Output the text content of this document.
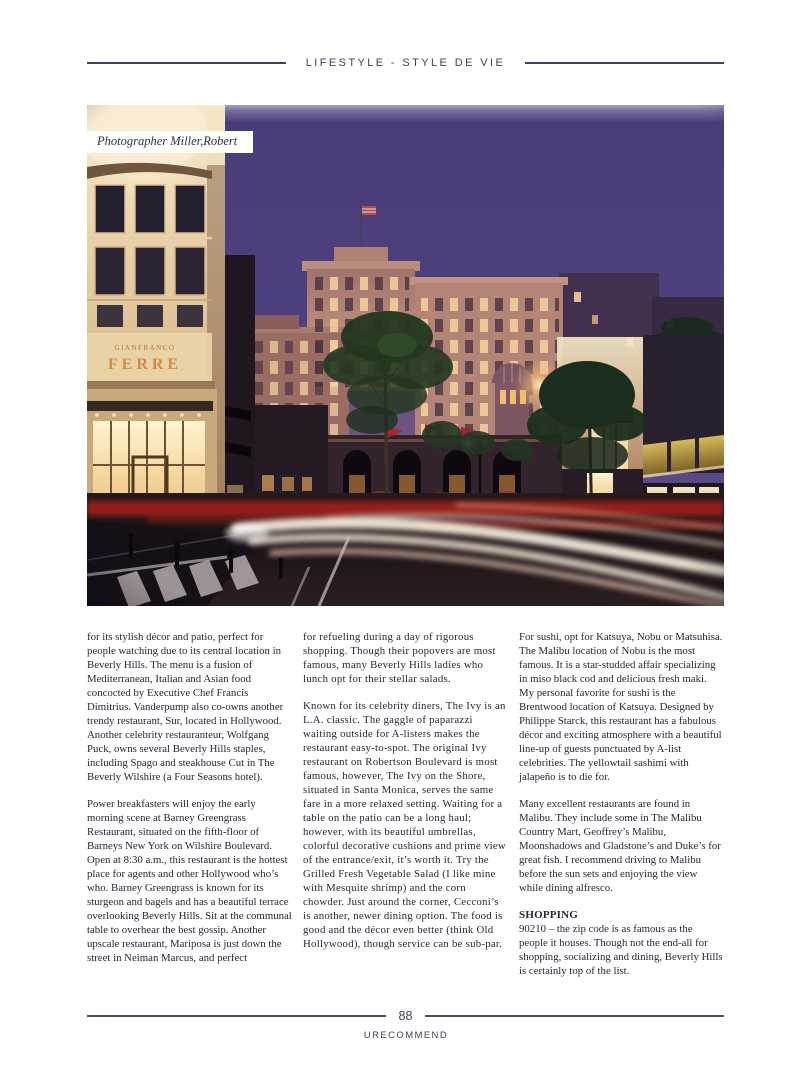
LIFESTYLE - STYLE DE VIE
Photographer Miller,Robert

for its stylish décor and patio, perfect for people watching due to its central location in Beverly Hills. The menu is a fusion of Mediterranean, Italian and Asian food concocted by Executive Chef Francis Dimitrius. Vanderpump also co-owns another trendy restaurant, Sur, located in Hollywood. Another celebrity restauranteur, Wolfgang Puck, owns several Beverly Hills staples, including Spago and steakhouse Cut in The Beverly Wilshire (a Four Seasons hotel).

Power breakfasters will enjoy the early morning scene at Barney Greengrass Restaurant, situated on the fifth-floor of Barneys New York on Wilshire Boulevard. Open at 8:30 a.m., this restaurant is the hottest place for agents and other Hollywood who’s who. Barney Greengrass is known for its sturgeon and bagels and has a beautiful terrace overlooking Beverly Hills. Sit at the communal table to overhear the best gossip. Another upscale restaurant, Mariposa is just down the street in Neiman Marcus, and perfect

for refueling during a day of rigorous shopping. Though their popovers are most famous, many Beverly Hills ladies who lunch opt for their stellar salads.

Known for its celebrity diners, The Ivy is an L.A. classic. The gaggle of paparazzi waiting outside for A-listers makes the restaurant easy-to-spot. The original Ivy restaurant on Robertson Boulevard is most famous, however, The Ivy on the Shore, situated in Santa Monica, serves the same fare in a more relaxed setting. Waiting for a table on the patio can be a long haul; however, with its beautiful umbrellas, colorful decorative cushions and prime view of the entrance/exit, it’s worth it. Try the Grilled Fresh Vegetable Salad (I like mine with Mesquite shrimp) and the corn chowder. Just around the corner, Cecconi’s is another, newer dining option. The food is good and the décor even better (think Old Hollywood), though service can be sub-par.

For sushi, opt for Katsuya, Nobu or Matsuhisa. The Malibu location of Nobu is the most famous. It is a star-studded affair specializing in miso black cod and delicious fresh maki. My personal favorite for sushi is the Brentwood location of Katsuya. Designed by Philippe Starck, this restaurant has a fabulous décor and exciting atmosphere with a beautiful line-up of guests punctuated by A-list celebrities. The yellowtail sashimi with jalapeño is to die for.

Many excellent restaurants are found in Malibu. They include some in The Malibu Country Mart, Geoffrey’s Malibu, Moonshadows and Gladstone’s and Duke’s for great fish. I recommend driving to Malibu before the sun sets and enjoying the view while dining alfresco.

SHOPPING

90210 – the zip code is as famous as the people it houses. Though not the end-all for shopping, socializing and dining, Beverly Hills is certainly top of the list.

88
URECOMMEND
